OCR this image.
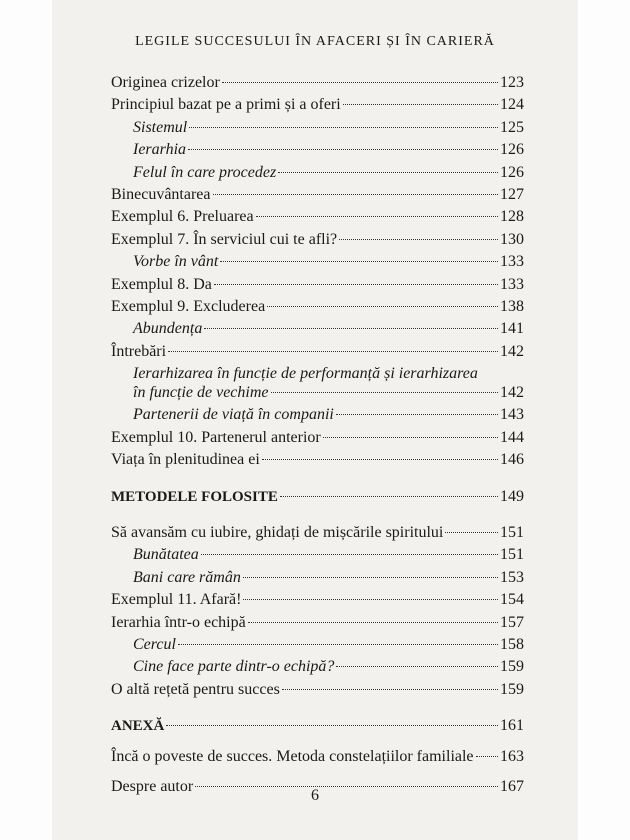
LEGILE SUCCESULUI ÎN AFACERI ȘI ÎN CARIERĂ
Originea crizelor	123
Principiul bazat pe a primi și a oferi	124
Sistemul	125
Ierarhia	126
Felul în care procedez	126
Binecuvântarea	127
Exemplul 6. Preluarea	128
Exemplul 7. În serviciul cui te afli?	130
Vorbe în vânt	133
Exemplul 8. Da	133
Exemplul 9. Excluderea	138
Abundența	141
Întrebări	142
Ierarhizarea în funcție de performanță și ierarhizarea
în funcție de vechime	142
Partenerii de viață în companii	143
Exemplul 10. Partenerul anterior	144
Viața în plenitudinea ei	146
METODELE FOLOSITE	149
Să avansăm cu iubire, ghidați de mișcările spiritului	151
Bunătatea	151
Bani care rămân	153
Exemplul 11. Afară!	154
Ierarhia într-o echipă	157
Cercul	158
Cine face parte dintr-o echipă?	159
O altă rețetă pentru succes	159
ANEXĂ	161
Încă o poveste de succes. Metoda constelațiilor familiale 163
Despre autor	167
6
